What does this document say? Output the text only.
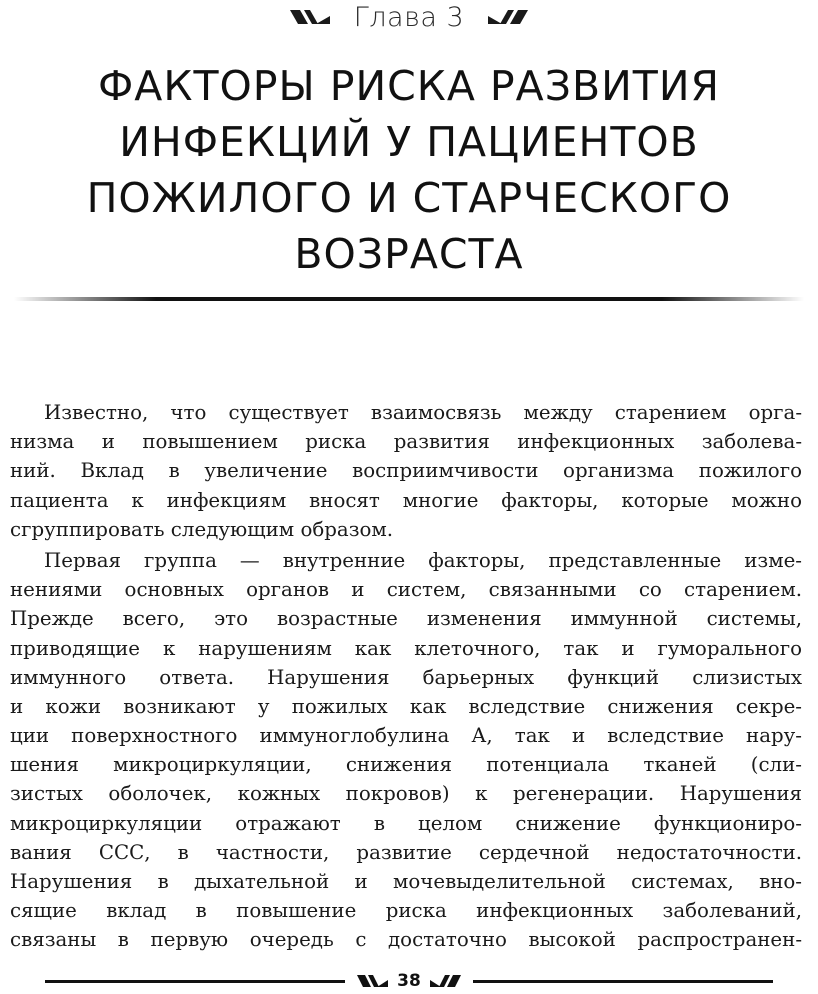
Глава 3
ФАКТОРЫ РИСКА РАЗВИТИЯ
ИНФЕКЦИЙ У ПАЦИЕНТОВ
ПОЖИЛОГО И СТАРЧЕСКОГО
ВОЗРАСТА

Известно, что существует взаимосвязь между старением орга-
низма и повышением риска развития инфекционных заболева-
ний. Вклад в увеличение восприимчивости организма пожилого
пациента к инфекциям вносят многие факторы, которые можно
сгруппировать следующим образом.

Первая группа — внутренние факторы, представленные изме-
нениями основных органов и систем, связанными со старением.
Прежде всего, это возрастные изменения иммунной системы,
приводящие к нарушениям как клеточного, так и гуморального
иммунного ответа. Нарушения барьерных функций слизистых
и кожи возникают у пожилых как вследствие снижения секре-
ции поверхностного иммуноглобулина А, так и вследствие нару-
шения микроциркуляции, снижения потенциала тканей (сли-
зистых оболочек, кожных покровов) к регенерации. Нарушения
микроциркуляции отражают в целом снижение функциониро-
вания ССС, в частности, развитие сердечной недостаточности.
Нарушения в дыхательной и мочевыделительной системах, вно-
сящие вклад в повышение риска инфекционных заболеваний,
связаны в первую очередь с достаточно высокой распространен-

38
